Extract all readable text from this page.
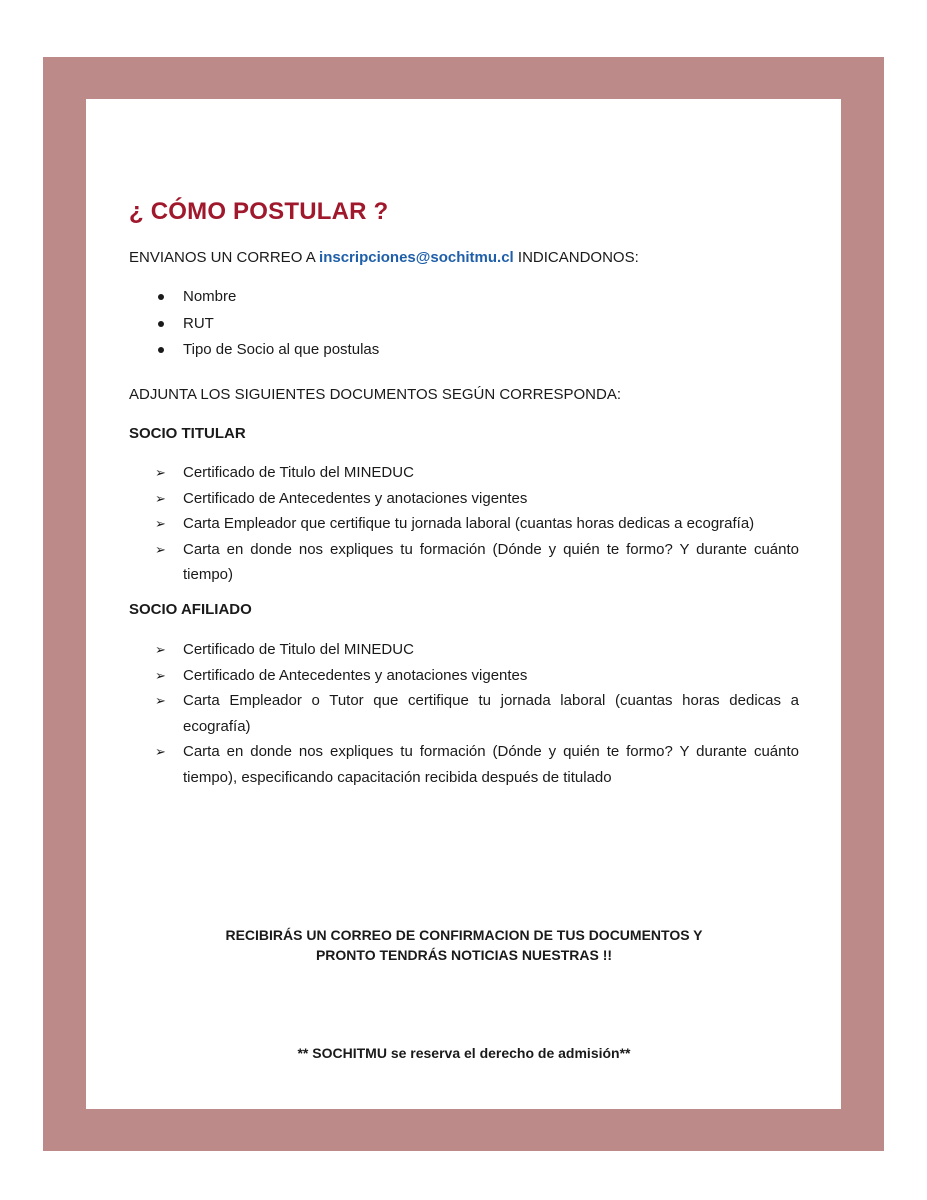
¿ CÓMO POSTULAR ?

ENVIANOS UN CORREO A inscripciones@sochitmu.cl INDICANDONOS:

Nombre
RUT
Tipo de Socio al que postulas

ADJUNTA LOS SIGUIENTES DOCUMENTOS SEGÚN CORRESPONDA:

SOCIO TITULAR

➢ Certificado de Titulo del MINEDUC
➢ Certificado de Antecedentes y anotaciones vigentes
➢ Carta Empleador que certifique tu jornada laboral (cuantas horas dedicas a ecografía)
➢ Carta en donde nos expliques tu formación (Dónde y quién te formo? Y durante cuánto tiempo)

SOCIO AFILIADO

➢ Certificado de Titulo del MINEDUC
➢ Certificado de Antecedentes y anotaciones vigentes
➢ Carta Empleador o Tutor que certifique tu jornada laboral (cuantas horas dedicas a ecografía)
➢ Carta en donde nos expliques tu formación (Dónde y quién te formo? Y durante cuánto tiempo), especificando capacitación recibida después de titulado

RECIBIRÁS UN CORREO DE CONFIRMACION DE TUS DOCUMENTOS Y
PRONTO TENDRÁS NOTICIAS NUESTRAS !!

** SOCHITMU se reserva el derecho de admisión**
